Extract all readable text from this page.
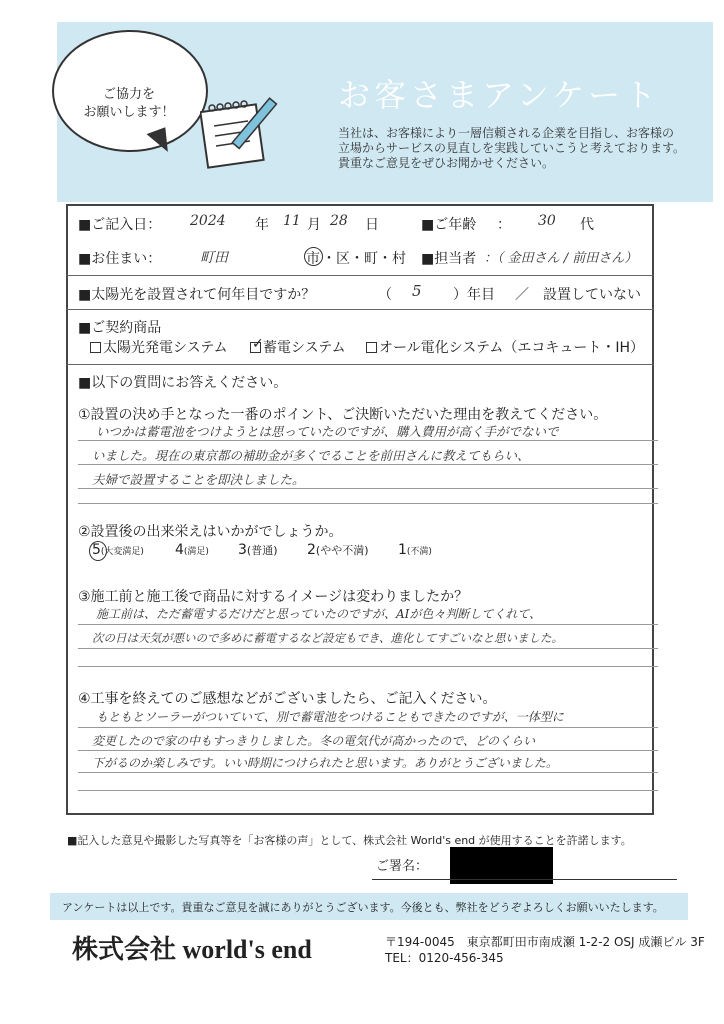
ご協力を
お願いします！	お客さまアンケート
当社は、お客様により一層信頼される企業を目指し、お客様の
立場からサービスの見直しを実践していこうと考えております。
貴重なご意見をぜひお聞かせください。
■ご記入日： 2024 年 11 月 28 日	■ご年齢 ： 30 代
■お住まい：	町田	市 ・区・町・村 ■担当者 ：（ 金田さん / 前田さん）
■太陽光を設置されて何年目ですか？	（ 5 ）年目 ／ 設置していない
■ご契約商品
太陽光発電システム	蓄電システム
✓	オール電化システム（エコキュート・IH）
■以下の質問にお答えください。
①設置の決め手となった一番のポイント、ご決断いただいた理由を教えてください。
いつかは蓄電池をつけようとは思っていたのですが、購入費用が高く手がでないで
いました。現在の東京都の補助金が多くでることを前田さんに教えてもらい、
夫婦で設置することを即決しました。
②設置後の出来栄えはいかがでしょうか。
5(大変満足) 4(満足) 3(普通) 2(やや不満) 1(不満)
③施工前と施工後で商品に対するイメージは変わりましたか？
施工前は、ただ蓄電するだけだと思っていたのですが、AIが色々判断してくれて、
次の日は天気が悪いので多めに蓄電するなど設定もでき、進化してすごいなと思いました。
④工事を終えてのご感想などがございましたら、ご記入ください。
もともとソーラーがついていて、別で蓄電池をつけることもできたのですが、一体型に
変更したので家の中もすっきりしました。冬の電気代が高かったので、どのくらい
下がるのか楽しみです。いい時期につけられたと思います。ありがとうございました。
■記入した意見や撮影した写真等を「お客様の声」として、株式会社 World's end が使用することを許諾します。
ご署名：
アンケートは以上です。貴重なご意見を誠にありがとうございます。今後とも、弊社をどうぞよろしくお願いいたします。
株式会社 world's end	〒194-0045　東京都町田市南成瀬 1-2-2 OSJ 成瀬ビル 3F
TEL：0120-456-345
